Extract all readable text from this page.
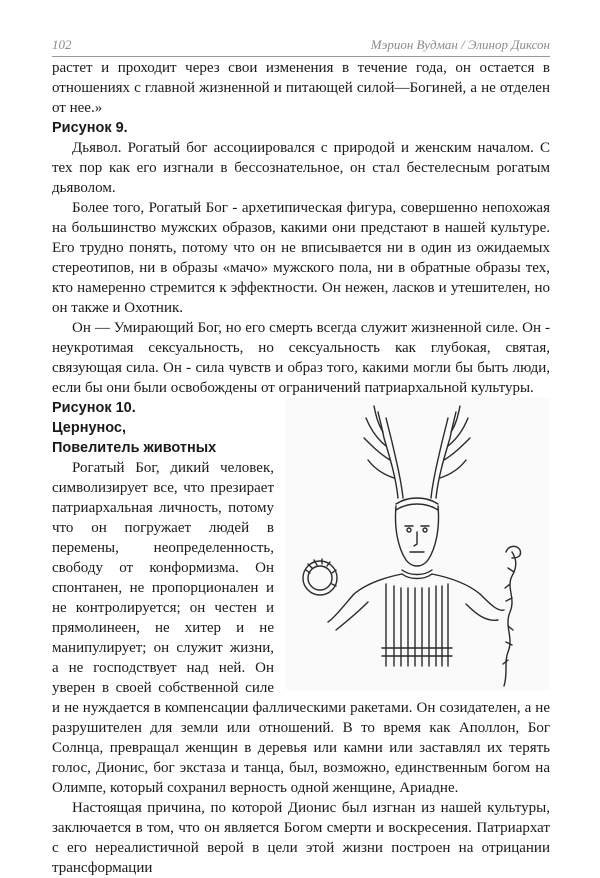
102	Мэрион Вудман / Элинор Диксон

растет и проходит через свои изменения в течение года, он остается в отношениях с главной жизненной и питающей силой—Богиней, а не отделен от нее.»

Рисунок 9.

Дьявол. Рогатый бог ассоциировался с природой и женским началом. С тех пор как его изгнали в бессознательное, он стал бестелесным рогатым дьяволом.

Более того, Рогатый Бог - архетипическая фигура, совершенно непохожая на большинство мужских образов, какими они предстают в нашей культуре. Его трудно понять, потому что он не вписывается ни в один из ожидаемых стереотипов, ни в образы «мачо» мужского пола, ни в обратные образы тех, кто намеренно стремится к эффектности. Он нежен, ласков и утешителен, но он также и Охотник.

Он — Умирающий Бог, но его смерть всегда служит жизненной силе. Он - неукротимая сексуальность, но сексуальность как глубокая, святая, связующая сила. Он - сила чувств и образ того, какими могли бы быть люди, если бы они были освобождены от ограничений патриархальной культуры.

Рисунок 10.

Цернунос,

Повелитель животных

Рогатый Бог, дикий человек, символизирует все, что презирает патриархальная личность, потому что он погружает людей в перемены, неопределенность, свободу от конформизма. Он спонтанен, не пропорционален и не контролируется; он честен и прямолинеен, не хитер и не манипулирует; он служит жизни, а не господствует над ней. Он уверен в своей собственной силе и не нуждается в компенсации фаллическими ракетами. Он созидателен, а не разрушителен для земли или отношений. В то время как Аполлон, Бог Солнца, превращал женщин в деревья или камни или заставлял их терять голос, Дионис, бог экстаза и танца, был, возможно, единственным богом на Олимпе, который сохранил верность одной женщине, Ариадне.

Настоящая причина, по которой Дионис был изгнан из нашей культуры, заключается в том, что он является Богом смерти и воскресения. Патриархат с его нереалистичной верой в цели этой жизни построен на отрицании трансформации
